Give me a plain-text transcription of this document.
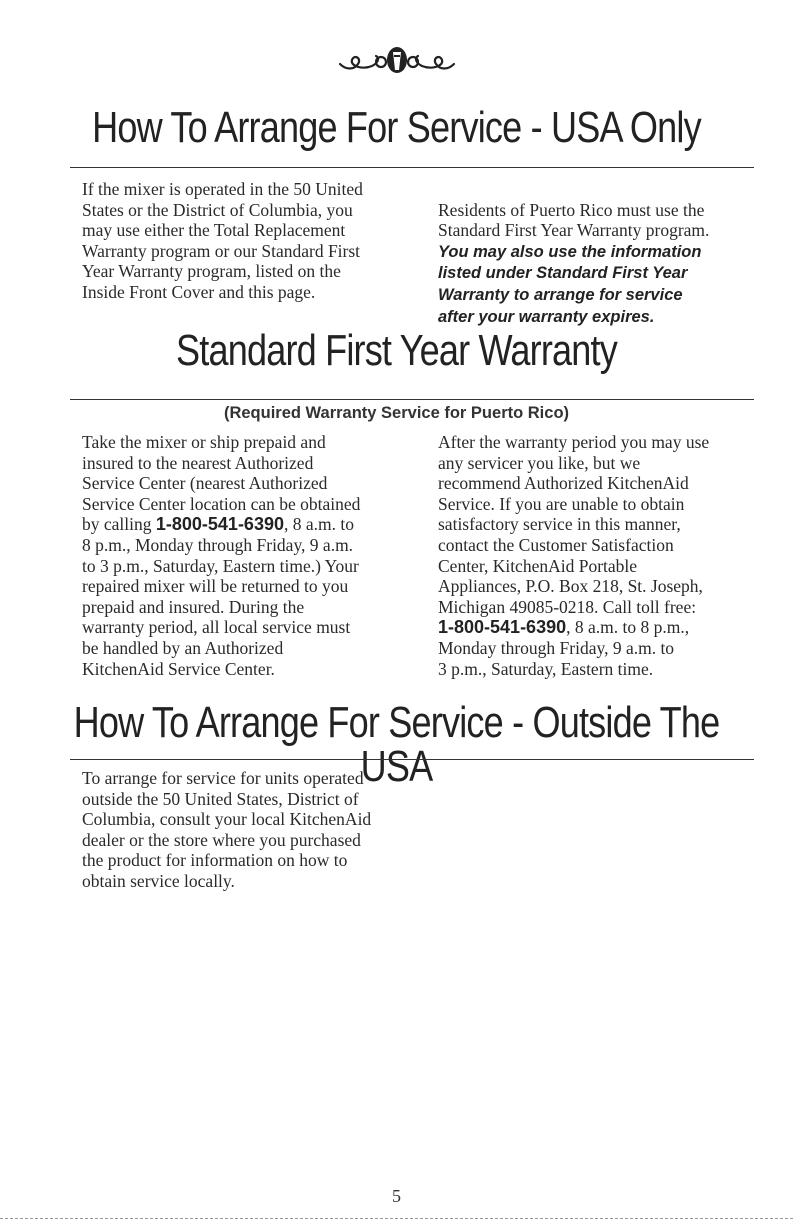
How To Arrange For Service - USA Only

If the mixer is operated in the 50 United
States or the District of Columbia, you
may use either the Total Replacement
Warranty program or our Standard First
Year Warranty program, listed on the
Inside Front Cover and this page.

Residents of Puerto Rico must use the
Standard First Year Warranty program.
You may also use the information
listed under Standard First Year
Warranty to arrange for service
after your warranty expires.

Standard First Year Warranty

(Required Warranty Service for Puerto Rico)

Take the mixer or ship prepaid and
insured to the nearest Authorized
Service Center (nearest Authorized
Service Center location can be obtained
by calling 1-800-541-6390, 8 a.m. to
8 p.m., Monday through Friday, 9 a.m.
to 3 p.m., Saturday, Eastern time.) Your
repaired mixer will be returned to you
prepaid and insured. During the
warranty period, all local service must
be handled by an Authorized
KitchenAid Service Center.
After the warranty period you may use
any servicer you like, but we
recommend Authorized KitchenAid
Service. If you are unable to obtain
satisfactory service in this manner,
contact the Customer Satisfaction
Center, KitchenAid Portable
Appliances, P.O. Box 218, St. Joseph,
Michigan 49085-0218. Call toll free:
1-800-541-6390, 8 a.m. to 8 p.m.,
Monday through Friday, 9 a.m. to
3 p.m., Saturday, Eastern time.
How To Arrange For Service - Outside The USA

To arrange for service for units operated
outside the 50 United States, District of
Columbia, consult your local KitchenAid
dealer or the store where you purchased
the product for information on how to
obtain service locally.

5
